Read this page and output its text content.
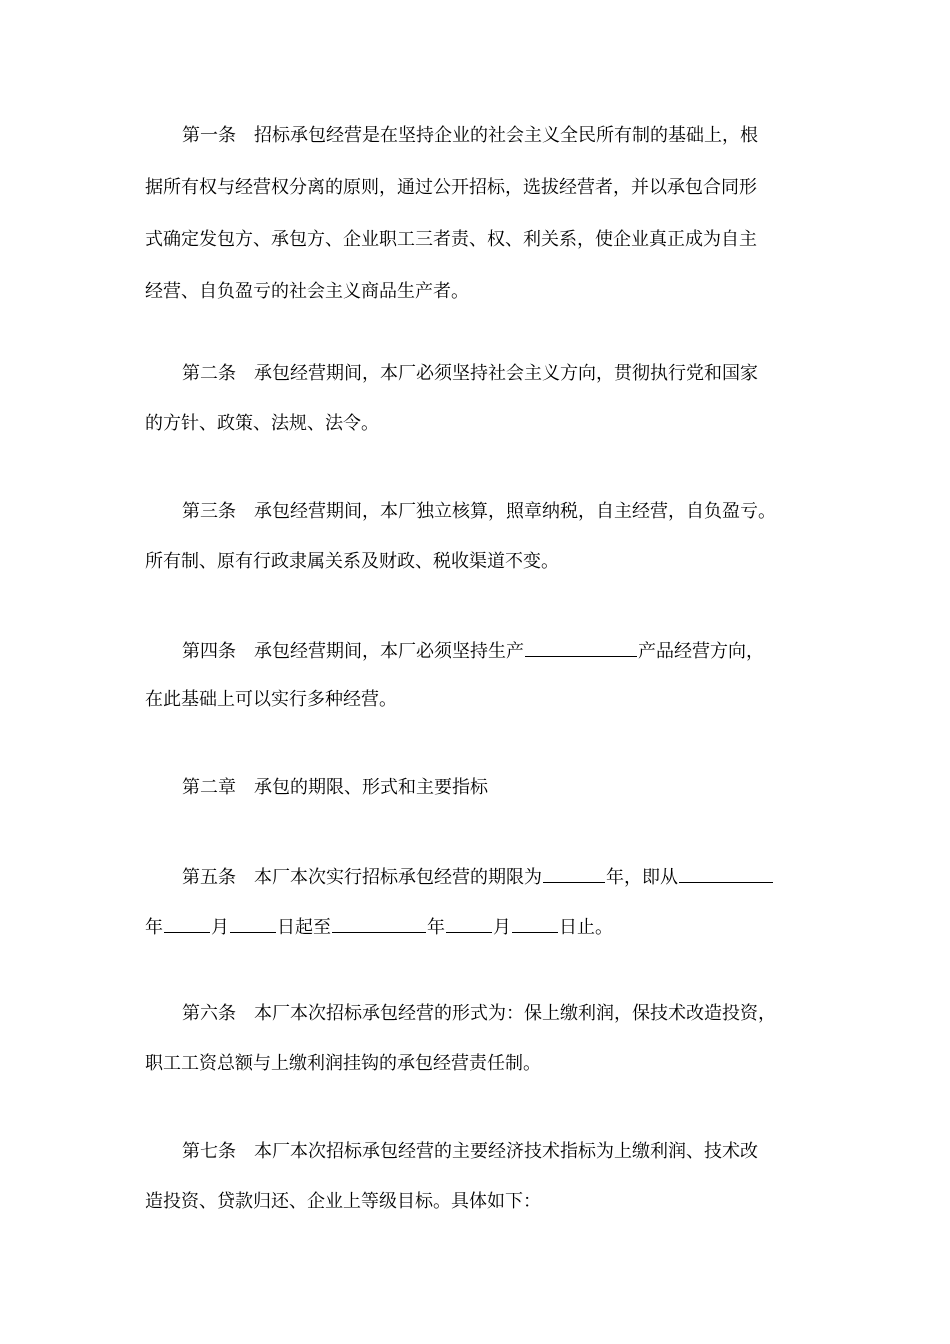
第一条　招标承包经营是在坚持企业的社会主义全民所有制的基础上，根
据所有权与经营权分离的原则，通过公开招标，选拔经营者，并以承包合同形
式确定发包方、承包方、企业职工三者责、权、利关系，使企业真正成为自主
经营、自负盈亏的社会主义商品生产者。
第二条　承包经营期间，本厂必须坚持社会主义方向，贯彻执行党和国家
的方针、政策、法规、法令。
第三条　承包经营期间，本厂独立核算，照章纳税，自主经营，自负盈亏。
所有制、原有行政隶属关系及财政、税收渠道不变。
第四条　承包经营期间，本厂必须坚持生产	产品经营方向，
在此基础上可以实行多种经营。
第二章　承包的期限、形式和主要指标
第五条　本厂本次实行招标承包经营的期限为	年，即从
年	月	日起至	年	月	日止。
第六条　本厂本次招标承包经营的形式为：保上缴利润，保技术改造投资，
职工工资总额与上缴利润挂钩的承包经营责任制。
第七条　本厂本次招标承包经营的主要经济技术指标为上缴利润、技术改
造投资、贷款归还、企业上等级目标。具体如下：
